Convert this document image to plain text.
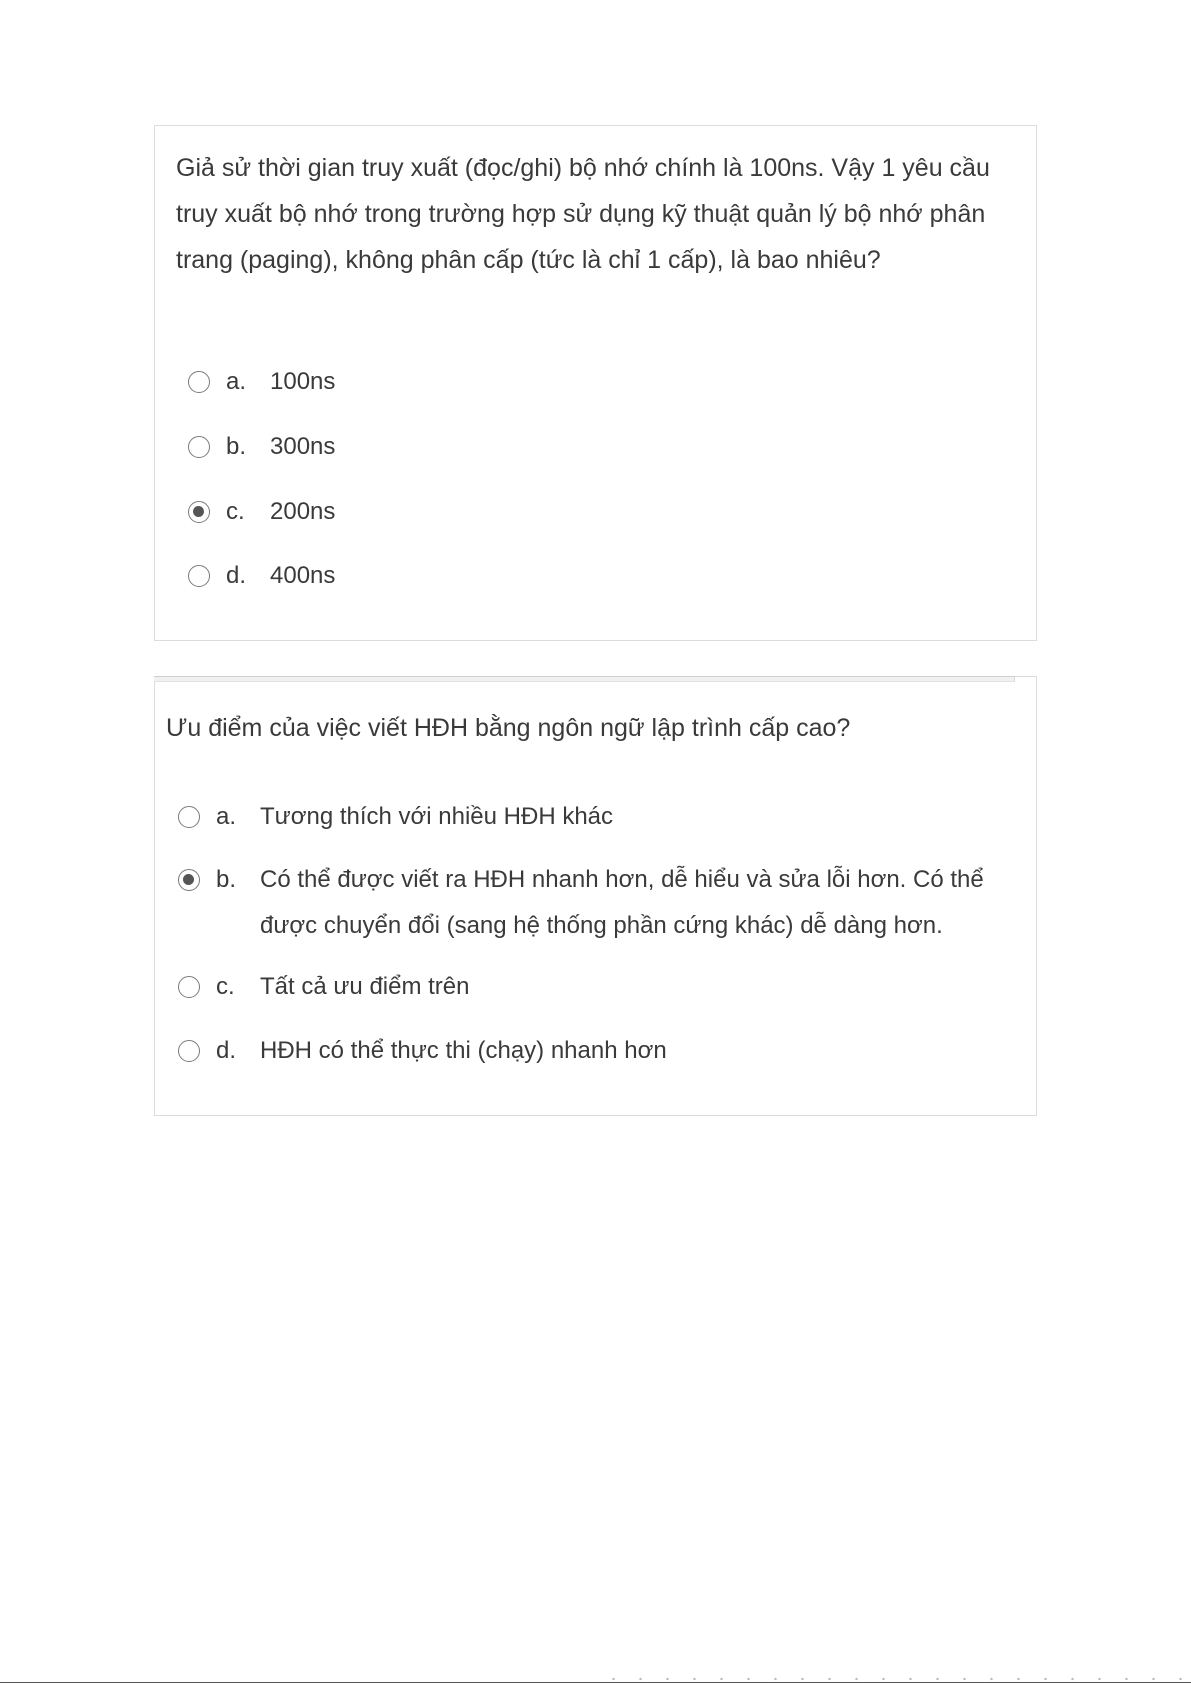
Giả sử thời gian truy xuất (đọc/ghi) bộ nhớ chính là 100ns. Vậy 1 yêu cầu truy xuất bộ nhớ trong trường hợp sử dụng kỹ thuật quản lý bộ nhớ phân trang (paging), không phân cấp (tức là chỉ 1 cấp), là bao nhiêu?

a. 100ns
b. 300ns
c. 200ns
d. 400ns

Ưu điểm của việc viết HĐH bằng ngôn ngữ lập trình cấp cao?

a. Tương thích với nhiều HĐH khác
b. Có thể được viết ra HĐH nhanh hơn, dễ hiểu và sửa lỗi hơn. Có thể được chuyển đổi (sang hệ thống phần cứng khác) dễ dàng hơn.
c. Tất cả ưu điểm trên
d. HĐH có thể thực thi (chạy) nhanh hơn
